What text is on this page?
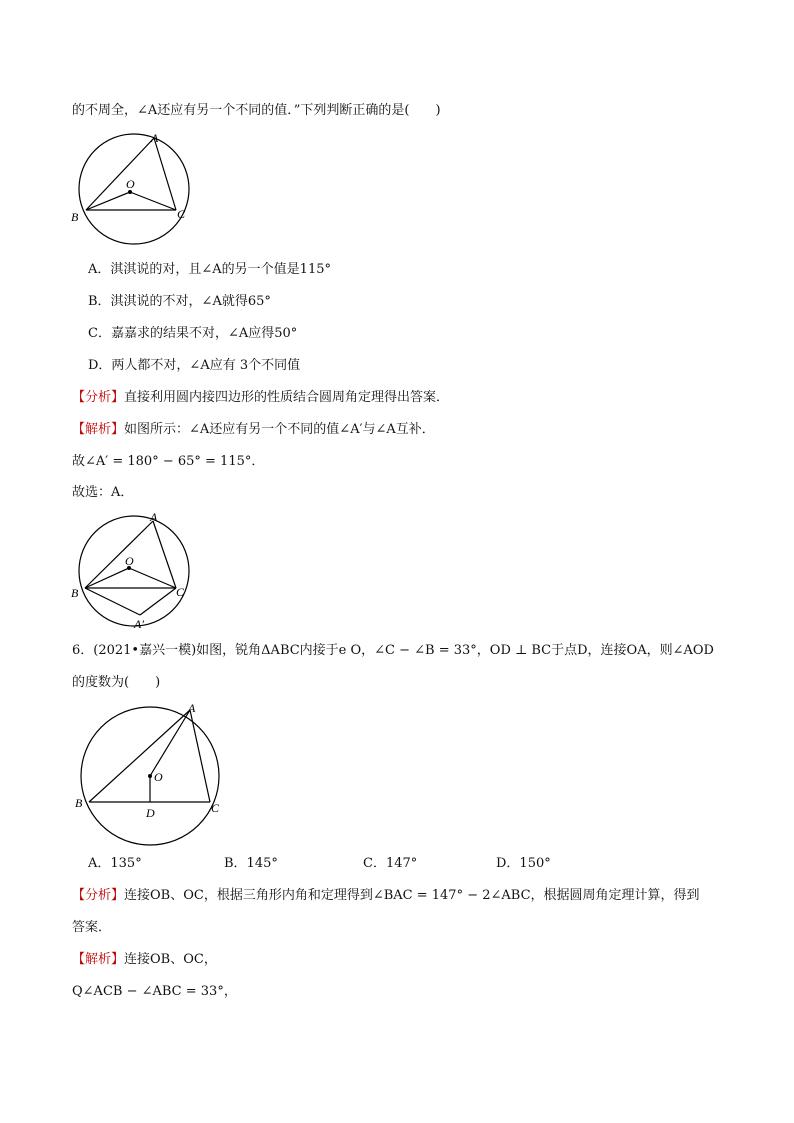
的不周全，∠A还应有另一个不同的值．”下列判断正确的是(　　)
A
B	C
O
A．淇淇说的对，且∠A的另一个值是115°
B．淇淇说的不对，∠A就得65°
C．嘉嘉求的结果不对，∠A应得50°
D．两人都不对，∠A应有 3个不同值
【分析】直接利用圆内接四边形的性质结合圆周角定理得出答案．
【解析】如图所示：∠A还应有另一个不同的值∠A′与∠A互补．
故∠A′ = 180° − 65° = 115°．
故选：A．
A
B	C
O
A′
6．(2021•嘉兴一模)如图，锐角ΔABC内接于e O，∠C − ∠B = 33°，OD ⊥ BC于点D，连接OA，则∠AOD
的度数为(　　)
A
B	C
O
D
A．135°	B．145°	C．147°	D．150°
【分析】连接OB、OC，根据三角形内角和定理得到∠BAC = 147° − 2∠ABC，根据圆周角定理计算，得到
答案．
【解析】连接OB、OC，
Q∠ACB − ∠ABC = 33°，
